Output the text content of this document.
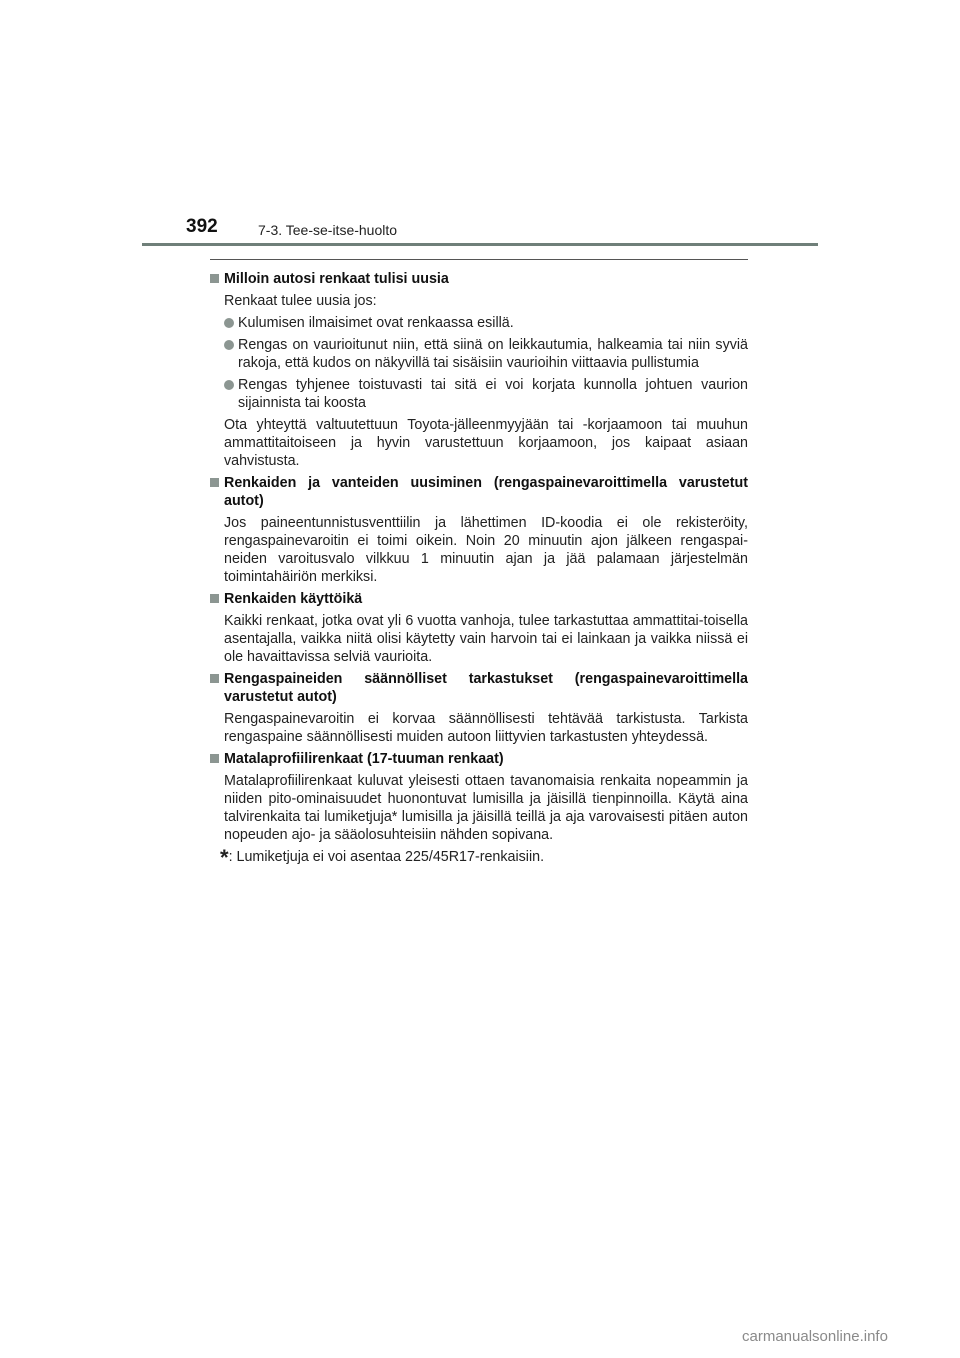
392	7-3. Tee-se-itse-huolto
Milloin autosi renkaat tulisi uusia
Renkaat tulee uusia jos:
Kulumisen ilmaisimet ovat renkaassa esillä.
Rengas on vaurioitunut niin, että siinä on leikkautumia, halkeamia tai niin syviä rakoja, että kudos on näkyvillä tai sisäisiin vaurioihin viittaavia pullistumia
Rengas tyhjenee toistuvasti tai sitä ei voi korjata kunnolla johtuen vaurion sijainnista tai koosta
Ota yhteyttä valtuutettuun Toyota-jälleenmyyjään tai -korjaamoon tai muuhun ammattitaitoiseen ja hyvin varustettuun korjaamoon, jos kaipaat asiaan vahvistusta.
Renkaiden ja vanteiden uusiminen (rengaspainevaroittimella varustetut autot)
Jos paineentunnistusventtiilin ja lähettimen ID-koodia ei ole rekisteröity, rengaspainevaroitin ei toimi oikein. Noin 20 minuutin ajon jälkeen rengaspai-neiden varoitusvalo vilkkuu 1 minuutin ajan ja jää palamaan järjestelmän toimintahäiriön merkiksi.
Renkaiden käyttöikä
Kaikki renkaat, jotka ovat yli 6 vuotta vanhoja, tulee tarkastuttaa ammattitai-toisella asentajalla, vaikka niitä olisi käytetty vain harvoin tai ei lainkaan ja vaikka niissä ei ole havaittavissa selviä vaurioita.
Rengaspaineiden säännölliset tarkastukset (rengaspainevaroittimella varustetut autot)
Rengaspainevaroitin ei korvaa säännöllisesti tehtävää tarkistusta. Tarkista rengaspaine säännöllisesti muiden autoon liittyvien tarkastusten yhteydessä.
Matalaprofiilirenkaat (17-tuuman renkaat)
Matalaprofiilirenkaat kuluvat yleisesti ottaen tavanomaisia renkaita nopeammin ja niiden pito-ominaisuudet huonontuvat lumisilla ja jäisillä tienpinnoilla. Käytä aina talvirenkaita tai lumiketjuja* lumisilla ja jäisillä teillä ja aja varovaisesti pitäen auton nopeuden ajo- ja sääolosuhteisiin nähden sopivana.
*: Lumiketjuja ei voi asentaa 225/45R17-renkaisiin.
carmanualsonline.info
